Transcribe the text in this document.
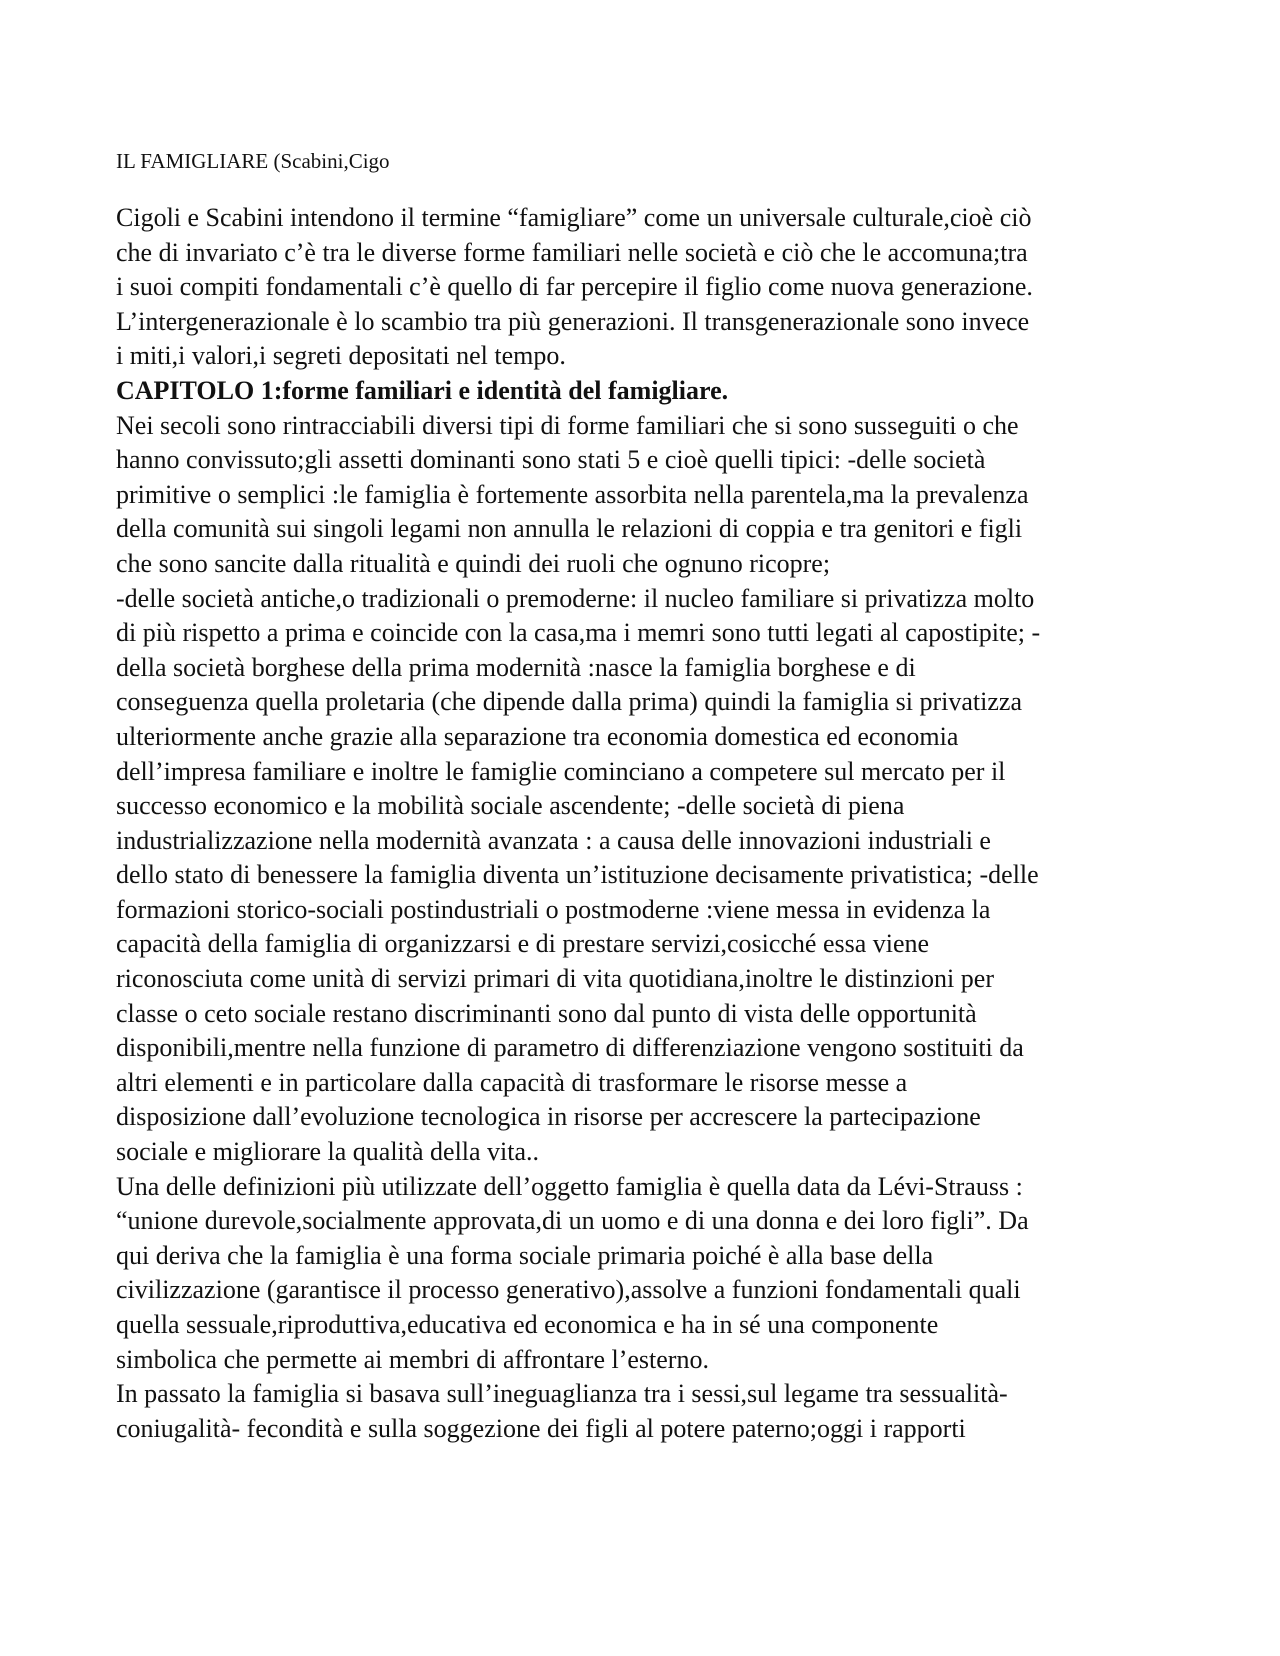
IL FAMIGLIARE (Scabini,Cigo

Cigoli e Scabini intendono il termine “famigliare” come un universale culturale,cioè ciò
che di invariato c’è tra le diverse forme familiari nelle società e ciò che le accomuna;tra
i suoi compiti fondamentali c’è quello di far percepire il figlio come nuova generazione.
L’intergenerazionale è lo scambio tra più generazioni. Il transgenerazionale sono invece
i miti,i valori,i segreti depositati nel tempo.
CAPITOLO 1:forme familiari e identità del famigliare.
Nei secoli sono rintracciabili diversi tipi di forme familiari che si sono susseguiti o che
hanno convissuto;gli assetti dominanti sono stati 5 e cioè quelli tipici: -delle società
primitive o semplici :le famiglia è fortemente assorbita nella parentela,ma la prevalenza
della comunità sui singoli legami non annulla le relazioni di coppia e tra genitori e figli
che sono sancite dalla ritualità e quindi dei ruoli che ognuno ricopre;
-delle società antiche,o tradizionali o premoderne: il nucleo familiare si privatizza molto
di più rispetto a prima e coincide con la casa,ma i memri sono tutti legati al capostipite; -
della società borghese della prima modernità :nasce la famiglia borghese e di
conseguenza quella proletaria (che dipende dalla prima) quindi la famiglia si privatizza
ulteriormente anche grazie alla separazione tra economia domestica ed economia
dell’impresa familiare e inoltre le famiglie cominciano a competere sul mercato per il
successo economico e la mobilità sociale ascendente; -delle società di piena
industrializzazione nella modernità avanzata : a causa delle innovazioni industriali e
dello stato di benessere la famiglia diventa un’istituzione decisamente privatistica; -delle
formazioni storico-sociali postindustriali o postmoderne :viene messa in evidenza la
capacità della famiglia di organizzarsi e di prestare servizi,cosicché essa viene
riconosciuta come unità di servizi primari di vita quotidiana,inoltre le distinzioni per
classe o ceto sociale restano discriminanti sono dal punto di vista delle opportunità
disponibili,mentre nella funzione di parametro di differenziazione vengono sostituiti da
altri elementi e in particolare dalla capacità di trasformare le risorse messe a
disposizione dall’evoluzione tecnologica in risorse per accrescere la partecipazione
sociale e migliorare la qualità della vita..
Una delle definizioni più utilizzate dell’oggetto famiglia è quella data da Lévi-Strauss :
“unione durevole,socialmente approvata,di un uomo e di una donna e dei loro figli”. Da
qui deriva che la famiglia è una forma sociale primaria poiché è alla base della
civilizzazione (garantisce il processo generativo),assolve a funzioni fondamentali quali
quella sessuale,riproduttiva,educativa ed economica e ha in sé una componente
simbolica che permette ai membri di affrontare l’esterno.
In passato la famiglia si basava sull’ineguaglianza tra i sessi,sul legame tra sessualità-
coniugalità- fecondità e sulla soggezione dei figli al potere paterno;oggi i rapporti
